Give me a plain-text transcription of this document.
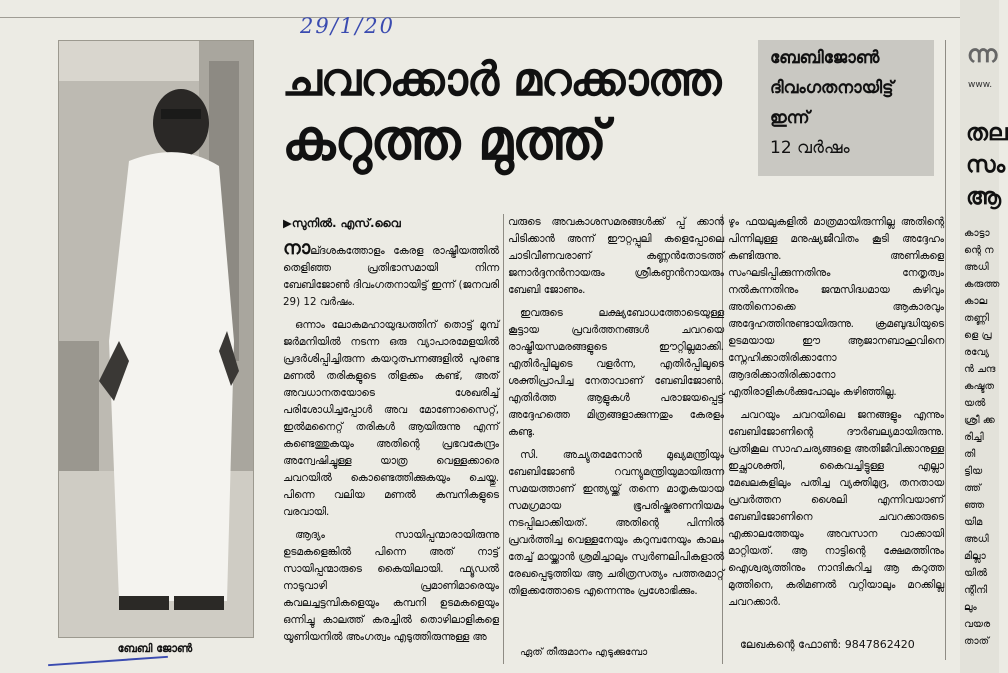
29/1/20
ബേബി ജോൺ
ചവറക്കാർ മറക്കാത്ത
കറുത്ത മുത്ത്
ബേബിജോൺ
ദിവംഗതനായിട്ട്
ഇന്ന്
12 വർഷം
▶സുനിൽ. എസ്.വൈ

നാല്ദശകത്തോളം കേരള രാഷ്ട്രീയത്തിൽ തെളിഞ്ഞ പ്രതിഭാസമായി നിന്ന ബേബിജോൺ ദിവംഗതനായിട്ട് ഇന്ന് (ജനവരി 29) 12 വർഷം.

ഒന്നാം ലോകമഹായുദ്ധത്തിന് തൊട്ട് മുമ്പ് ജർമനിയിൽ നടന്ന ഒരു വ്യാപാരമേളയിൽ പ്രദർശിപ്പിച്ചിരുന്ന കയറുത്പന്നങ്ങളിൽ പുരണ്ട മണൽ തരികളുടെ തിളക്കം കണ്ട്, അത് അവധാനതയോടെ ശേഖരിച്ച് പരിശോധിച്ചപ്പോൾ അവ മോണോസൈറ്റ്, ഇൽമനൈറ്റ് തരികൾ ആയിരുന്നു എന്ന് കണ്ടെത്തുകയും അതിന്റെ പ്രഭവകേന്ദ്രം അന്വേഷിച്ചുള്ള യാത്ര വെള്ളക്കാരെ ചവറയിൽ കൊണ്ടെത്തിക്കുകയും ചെയ്തു. പിന്നെ വലിയ മണൽ കമ്പനികളുടെ വരവായി.

ആദ്യം സായിപ്പന്മാരായിരുന്നു ഉടമകളെങ്കിൽ പിന്നെ അത് നാട്ട് സായിപ്പന്മാരുടെ കൈയിലായി. ഫ്യൂഡൽ നാടുവാഴി പ്രമാണിമാരെയും കവലച്ചട്ടമ്പികളെയും കമ്പനി ഉടമകളെയും ഒന്നിച്ചു കാലത്ത് കരച്ചിൽ തൊഴിലാളികളെ യൂണിയനിൽ അംഗത്വം എടുത്തിരുന്നുള്ള അ

വരുടെ അവകാശസമരങ്ങൾക്ക് പ്പ് ക്കാൻ പിടിക്കാൻ അന്ന് ഈറ്റപ്പുലി കളെപ്പോലെ ചാടിവീണവരാണ് കണ്ണൻതോടത്ത് ജനാർദ്ദനൻനായരും ശ്രീകണ്ഠൻനായരും ബേബി ജോണും.

ഇവരുടെ ലക്ഷ്യബോധത്തോടെയുള്ള കൂട്ടായ പ്രവർത്തനങ്ങൾ ചവറയെ രാഷ്ട്രീയസമരങ്ങളുടെ ഈറ്റില്ലമാക്കി. എതിർപ്പിലൂടെ വളർന്ന, എതിർപ്പിലൂടെ ശക്തിപ്രാപിച്ച നേതാവാണ് ബേബിജോൺ. എതിർത്ത ആളുകൾ പരാജയപ്പെട്ട് അദ്ദേഹത്തെ മിത്രങ്ങളാക്കുന്നതും കേരളം കണ്ടു.

സി. അച്യുതമേനോൻ മുഖ്യമന്ത്രിയും ബേബിജോൺ റവന്യുമന്ത്രിയുമായിരുന്ന സമയത്താണ് ഇന്ത്യയ്ക്ക് തന്നെ മാതൃകയായ സമഗ്രമായ ഭൂപരിഷ്കരണനിയമം നടപ്പിലാക്കിയത്. അതിന്റെ പിന്നിൽ പ്രവർത്തിച്ച വെള്ളനേയും കറുമ്പനേയും കാലം തേച്ച് മായ്ക്കാൻ ശ്രമിച്ചാലും സ്വർണലിപികളാൽ രേഖപ്പെടുത്തിയ ആ ചരിത്രസത്യം പത്തരമാറ്റ് തിളക്കത്തോടെ എന്നെന്നും പ്രശോഭിക്കും.

ഏത് തീരുമാനം എടുക്കുമ്പോ

ഴും ഫയലുകളിൽ മാത്രമായിരുന്നില്ല അതിന്റെ പിന്നിലുള്ള മനുഷ്യജീവിതം കൂടി അദ്ദേഹം കണ്ടിരുന്നു. അണികളെ സംഘടിപ്പിക്കുന്നതിനും നേതൃത്വം നൽകുന്നതിനും ജന്മസിദ്ധമായ കഴിവും അതിനൊക്കെ ആകാരവും അദ്ദേഹത്തിനുണ്ടായിരുന്നു. ക്രമബുദ്ധിയുടെ ഉടമയായ ഈ ആജാനബാഹുവിനെ സ്നേഹിക്കാതിരിക്കാനോ ആദരിക്കാതിരിക്കാനോ എതിരാളികൾക്കുപോലും കഴിഞ്ഞില്ല.

ചവറയും ചവറയിലെ ജനങ്ങളും എന്നും ബേബിജോണിന്റെ ദൗർബല്യമായിരുന്നു. പ്രതികൂല സാഹചര്യങ്ങളെ അതിജീവിക്കാനുള്ള ഇച്ഛാശക്തി, കൈവച്ചിട്ടുള്ള എല്ലാ മേഖലകളിലും പതിച്ച വ്യക്തിമുദ്ര, തനതായ പ്രവർത്തന ശൈലി എന്നിവയാണ് ബേബിജോണിനെ ചവറക്കാരുടെ എക്കാലത്തേയും അവസാന വാക്കായി മാറ്റിയത്. ആ നാട്ടിന്റെ ക്ഷേമത്തിനും ഐശ്വര്യത്തിനും നാന്ദികുറിച്ച ആ കറുത്ത മുത്തിനെ, കരിമണൽ വറ്റിയാലും മറക്കില്ല ചവറക്കാർ.

ലേഖകന്റെ ഫോൺ: 9847862420
ന്ന
www.
തല
സം
ആ
കാട്ടാ
ന്റെ ന
അധി
കരുത്ത
കാല
തണ്ണി
ളെ പ്ര
രവ്യേ
ൻ ചന്ദ
കഷ്ടത
യൽ
ശ്രീ ക്ക
രിച്ചി
തി
ട്ടിയ
ത്ത്
ഞ്ഞ
യിമ
അധി
മില്ലാ
യിൽ
ന്റിനി
ലും
വയര
താത്
